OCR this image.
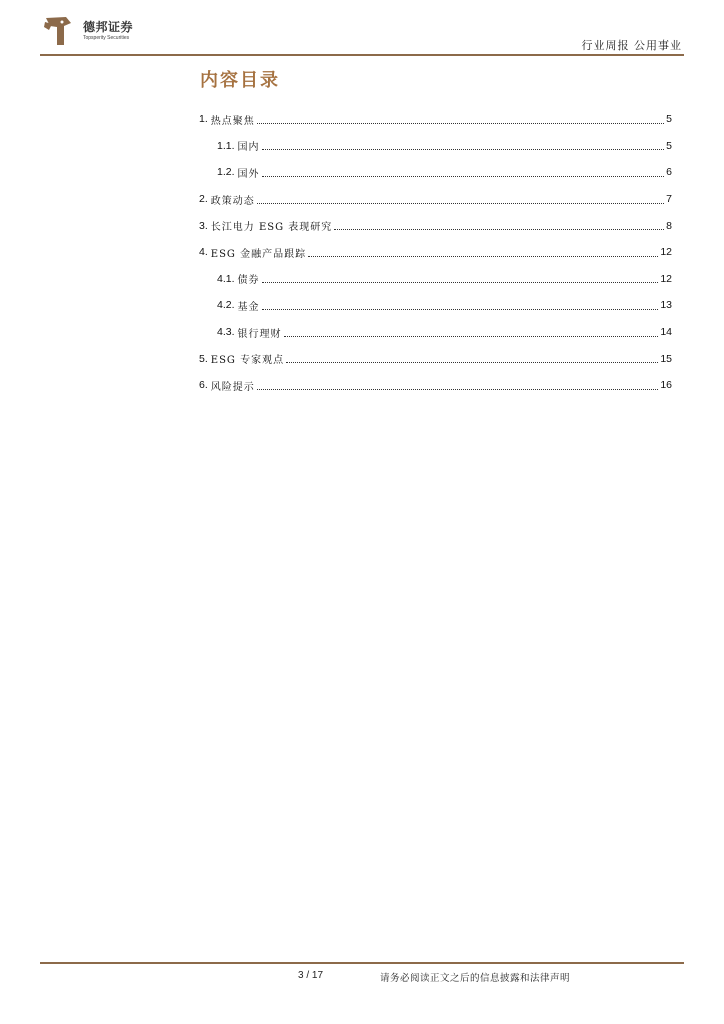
德邦证券
Topsperity Securities
行业周报 公用事业
内容目录
1. 热点聚焦	5
1.1. 国内	5
1.2. 国外	6
2. 政策动态	7
3. 长江电力 ESG 表现研究	8
4. ESG 金融产品跟踪	12
4.1. 债券	12
4.2. 基金	13
4.3. 银行理财	14
5. ESG 专家观点	15
6. 风险提示	16
3 / 17	请务必阅读正文之后的信息披露和法律声明
